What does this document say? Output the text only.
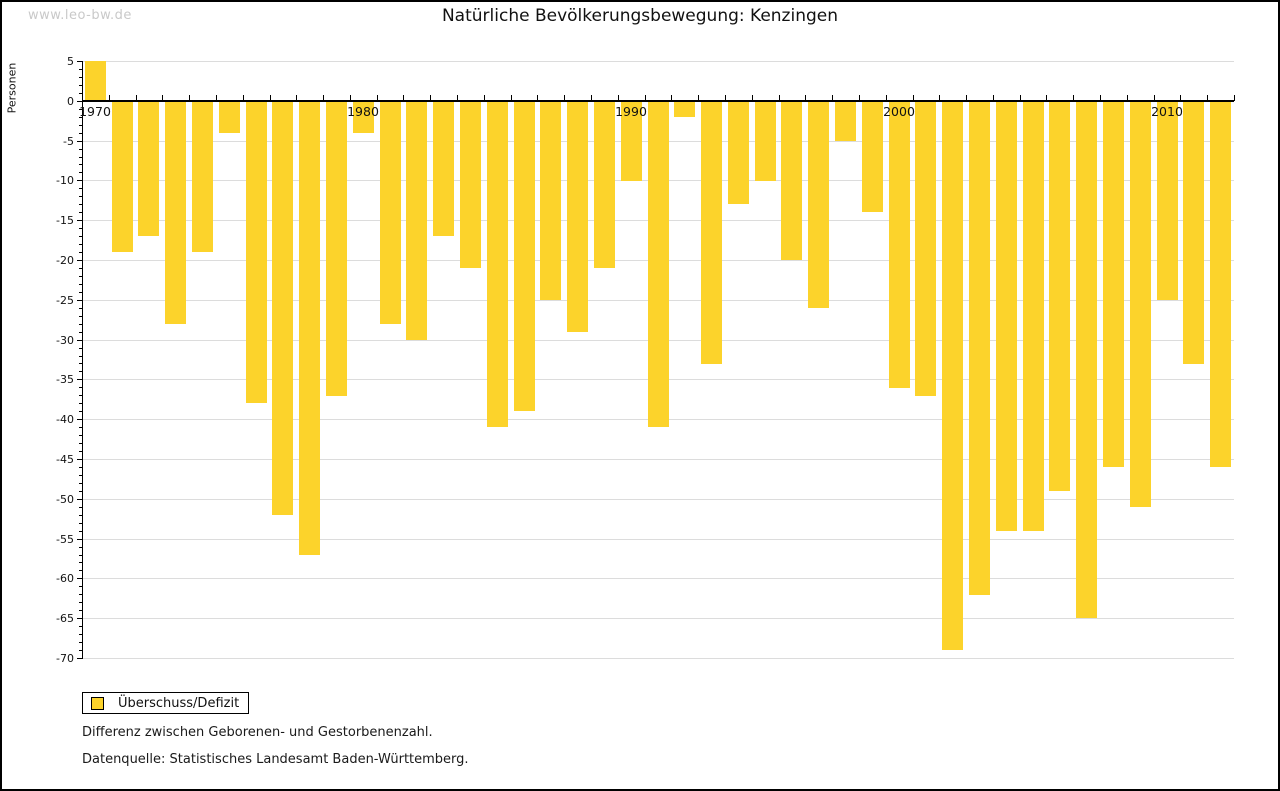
www.leo-bw.de	Natürliche Bevölkerungsbewegung: Kenzingen
Personen
Überschuss/Defizit
Differenz zwischen Geborenen- und Gestorbenenzahl.
Datenquelle: Statistisches Landesamt Baden-Württemberg.
5
0
-5
-10
-15
-20
-25
-30
-35
-40
-45
-50
-55
-60
-65
-70
1970	1980	1990	2000	2010
